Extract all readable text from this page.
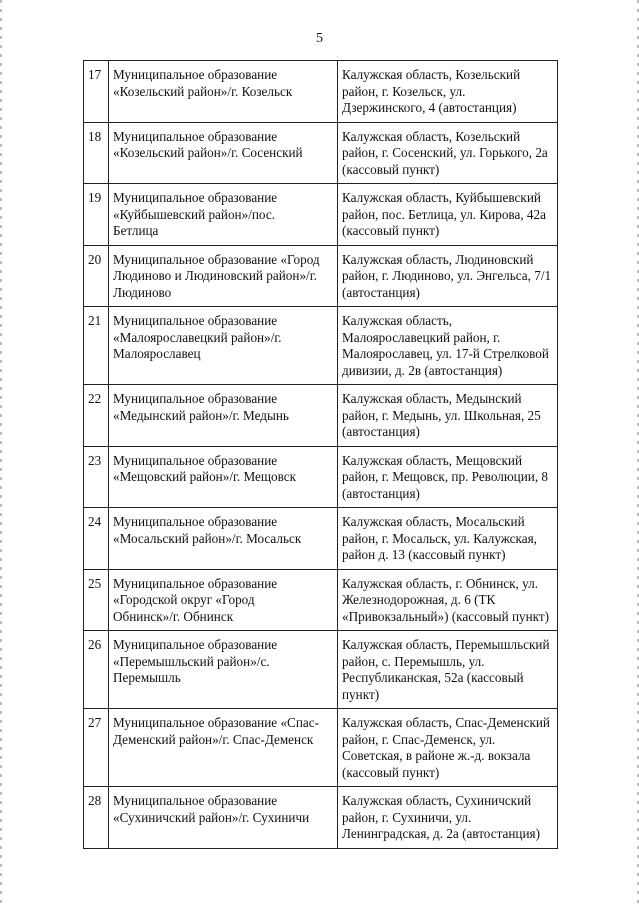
5
17	Муниципальное образование
«Козельский район»/г. Козельск	Калужская область, Козельский
район, г. Козельск, ул.
Дзержинского, 4 (автостанция)

18	Муниципальное образование
«Козельский район»/г. Сосенский	Калужская область, Козельский
район, г. Сосенский, ул. Горького, 2а
(кассовый пункт)

19	Муниципальное образование
«Куйбышевский район»/пос.
Бетлица	Калужская область, Куйбышевский
район, пос. Бетлица, ул. Кирова, 42а
(кассовый пункт)

20	Муниципальное образование «Город
Людиново и Людиновский район»/г.
Людиново	Калужская область, Людиновский
район, г. Людиново, ул. Энгельса, 7/1
(автостанция)

21	Муниципальное образование
«Малоярославецкий район»/г.
Малоярославец	Калужская область,
Малоярославецкий район, г.
Малоярославец, ул. 17-й Стрелковой
дивизии, д. 2в (автостанция)

22	Муниципальное образование
«Медынский район»/г. Медынь	Калужская область, Медынский
район, г. Медынь, ул. Школьная, 25
(автостанция)

23	Муниципальное образование
«Мещовский район»/г. Мещовск	Калужская область, Мещовский
район, г. Мещовск, пр. Революции, 8
(автостанция)

24	Муниципальное образование
«Мосальский район»/г. Мосальск	Калужская область, Мосальский
район, г. Мосальск, ул. Калужская,
район д. 13 (кассовый пункт)

25	Муниципальное образование
«Городской округ «Город
Обнинск»/г. Обнинск	Калужская область, г. Обнинск, ул.
Железнодорожная, д. 6 (ТК
«Привокзальный») (кассовый пункт)

26	Муниципальное образование
«Перемышльский район»/с.
Перемышль	Калужская область, Перемышльский
район, с. Перемышль, ул.
Республиканская, 52а (кассовый
пункт)

27	Муниципальное образование «Спас-
Деменский район»/г. Спас-Деменск	Калужская область, Спас-Деменский
район, г. Спас-Деменск, ул.
Советская, в районе ж.-д. вокзала
(кассовый пункт)

28	Муниципальное образование
«Сухиничский район»/г. Сухиничи	Калужская область, Сухиничский
район, г. Сухиничи, ул.
Ленинградская, д. 2а (автостанция)
